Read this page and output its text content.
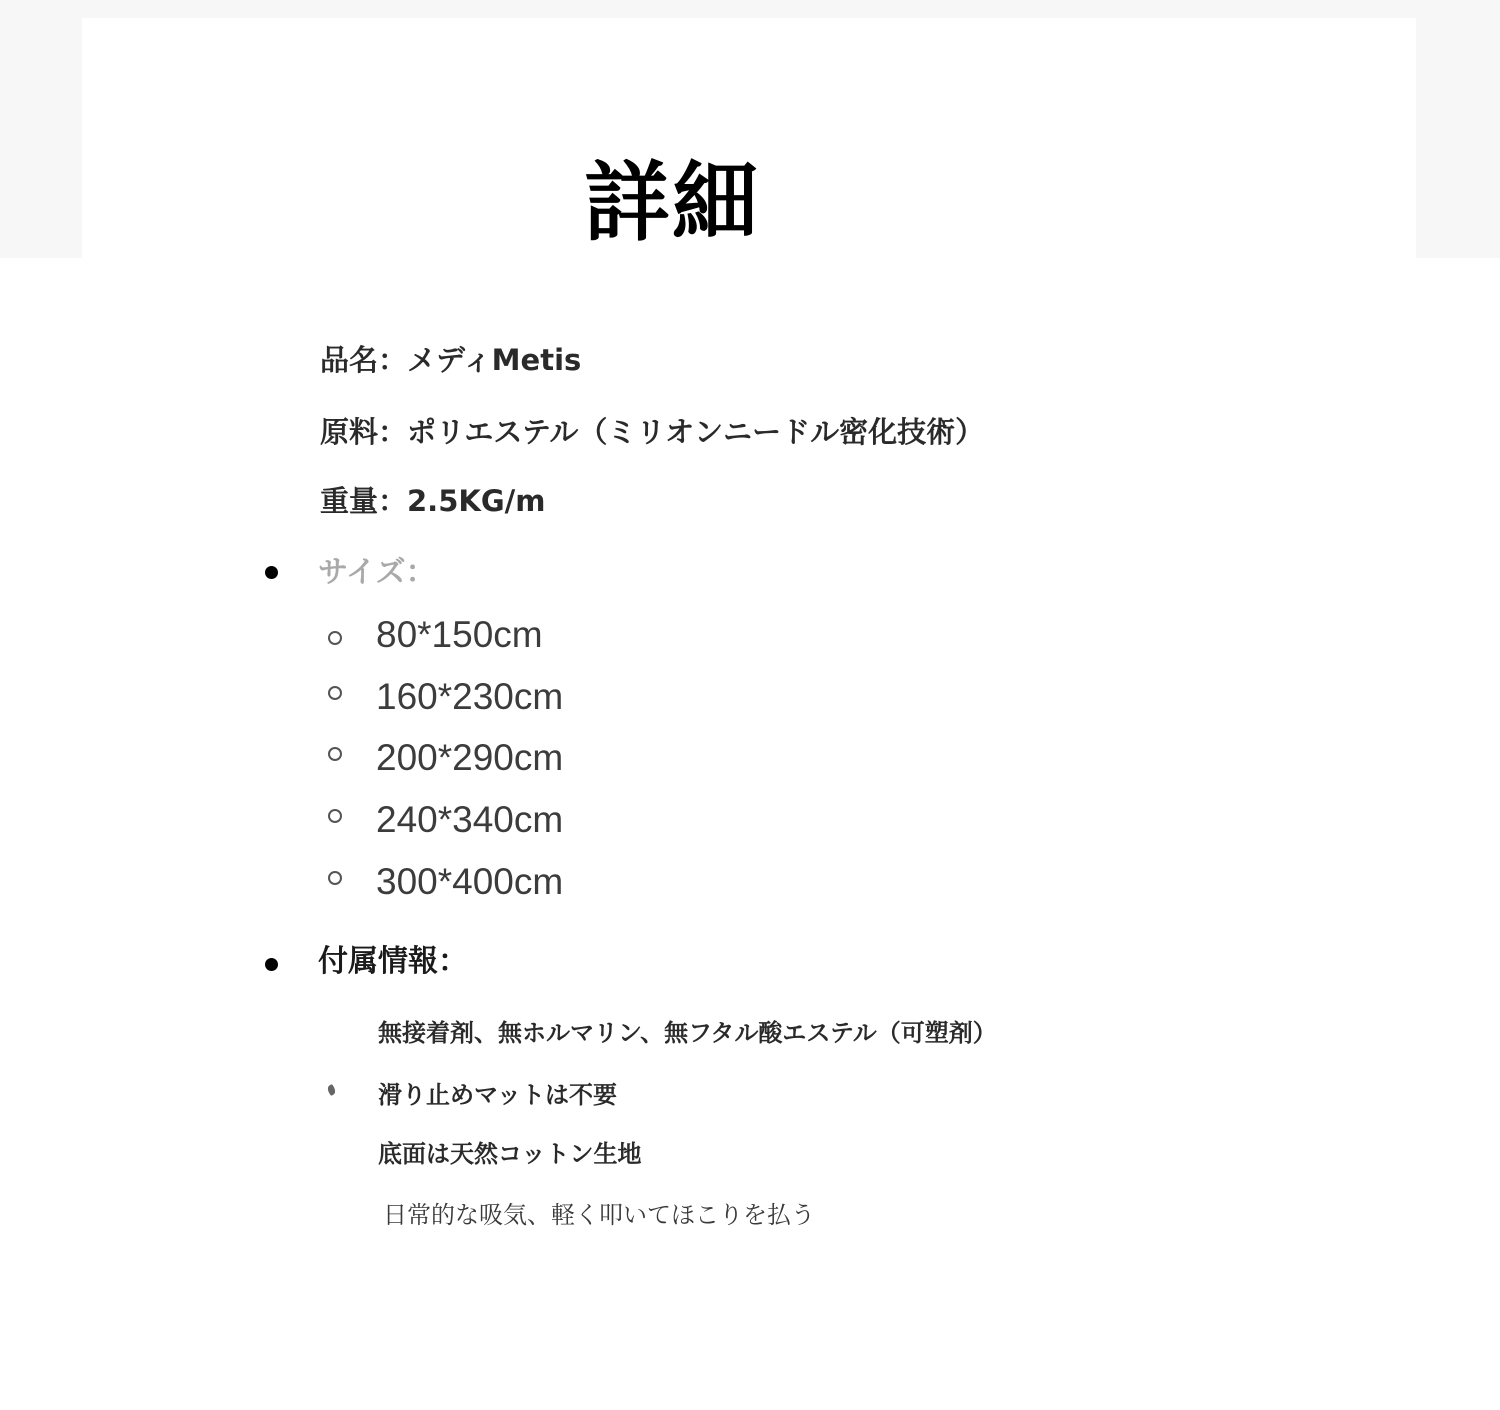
詳細
品名：メディMetis
原料：ポリエステル（ミリオンニードル密化技術）
重量：2.5KG/m
サイズ：
80*150cm
160*230cm
200*290cm
240*340cm
300*400cm
付属情報：
無接着剤、無ホルマリン、無フタル酸エステル（可塑剤）
滑り止めマットは不要
底面は天然コットン生地
日常的な吸気、軽く叩いてほこりを払う
